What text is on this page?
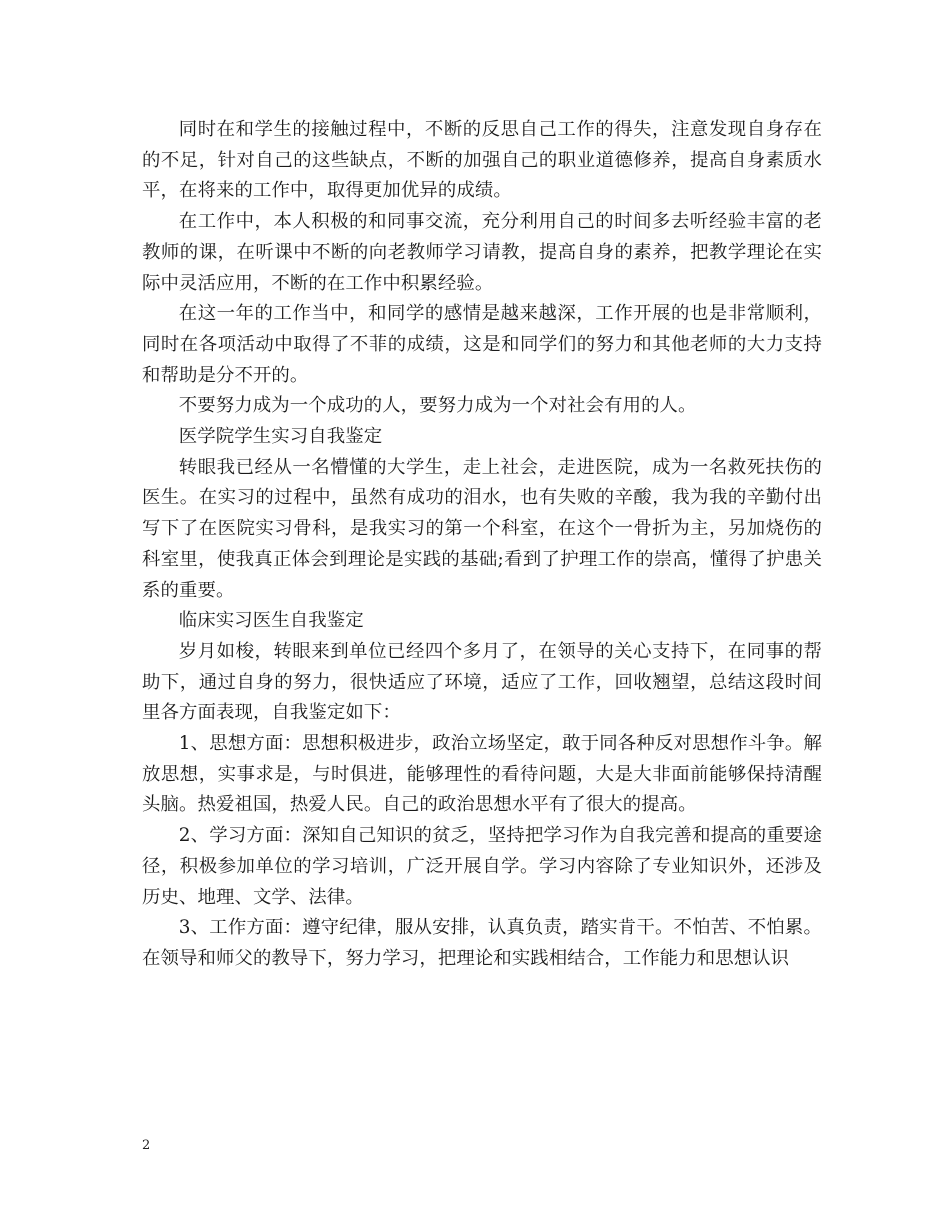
同时在和学生的接触过程中，不断的反思自己工作的得失，注意发现自身存在的不足，针对自己的这些缺点，不断的加强自己的职业道德修养，提高自身素质水平，在将来的工作中，取得更加优异的成绩。

在工作中，本人积极的和同事交流，充分利用自己的时间多去听经验丰富的老教师的课，在听课中不断的向老教师学习请教，提高自身的素养，把教学理论在实际中灵活应用，不断的在工作中积累经验。

在这一年的工作当中，和同学的感情是越来越深，工作开展的也是非常顺利，同时在各项活动中取得了不菲的成绩，这是和同学们的努力和其他老师的大力支持和帮助是分不开的。

不要努力成为一个成功的人，要努力成为一个对社会有用的人。

医学院学生实习自我鉴定

转眼我已经从一名懵懂的大学生，走上社会，走进医院，成为一名救死扶伤的医生。在实习的过程中，虽然有成功的泪水，也有失败的辛酸，我为我的辛勤付出写下了在医院实习骨科，是我实习的第一个科室，在这个一骨折为主，另加烧伤的科室里，使我真正体会到理论是实践的基础;看到了护理工作的崇高，懂得了护患关系的重要。

临床实习医生自我鉴定

岁月如梭，转眼来到单位已经四个多月了，在领导的关心支持下，在同事的帮助下，通过自身的努力，很快适应了环境，适应了工作，回收翘望，总结这段时间里各方面表现，自我鉴定如下：

1、思想方面：思想积极进步，政治立场坚定，敢于同各种反对思想作斗争。解放思想，实事求是，与时俱进，能够理性的看待问题，大是大非面前能够保持清醒头脑。热爱祖国，热爱人民。自己的政治思想水平有了很大的提高。

2、学习方面：深知自己知识的贫乏，坚持把学习作为自我完善和提高的重要途径，积极参加单位的学习培训，广泛开展自学。学习内容除了专业知识外，还涉及历史、地理、文学、法律。

3、工作方面：遵守纪律，服从安排，认真负责，踏实肯干。不怕苦、不怕累。在领导和师父的教导下，努力学习，把理论和实践相结合，工作能力和思想认识

2
